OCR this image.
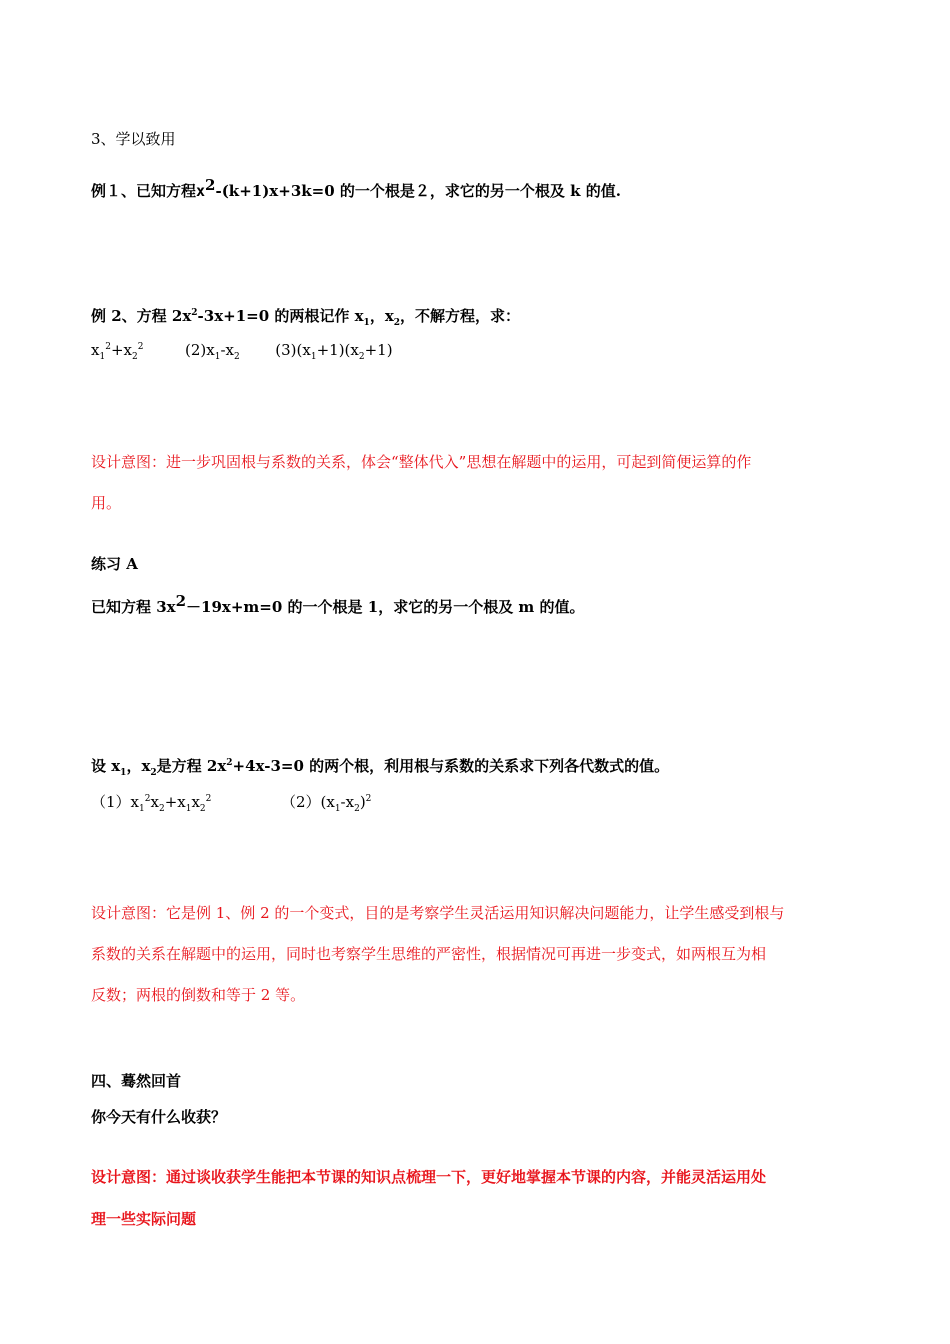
3、学以致用
例１、已知方程x2-(k+1)x+3k=0 的一个根是２，求它的另一个根及 k 的值.
例 2、方程 $2x^2-3x+1=0$ 的两根记作 $x_1$，$x_2$，不解方程，求：
$x_1^2+x_2^2$	$(2)x_1-x_2$ $(3)(x_1+1)(x_2+1)$
设计意图：进一步巩固根与系数的关系，体会“整体代入”思想在解题中的运用，可起到简便运算的作
用。
练习 A
已知方程 3x2－19x+m=0 的一个根是 1，求它的另一个根及 m 的值。
设 $x_1$，$x_2$是方程 $2x^2+4x-3=0$ 的两个根，利用根与系数的关系求下列各代数式的值。
$(1)x_1^2x_2+x_1x_2^2$	$(2)(x_1-x_2)^2$
设计意图：它是例 1、例 2 的一个变式，目的是考察学生灵活运用知识解决问题能力，让学生感受到根与
系数的关系在解题中的运用，同时也考察学生思维的严密性，根据情况可再进一步变式，如两根互为相
反数；两根的倒数和等于 2 等。
四、蓦然回首
你今天有什么收获？
设计意图：通过谈收获学生能把本节课的知识点梳理一下，更好地掌握本节课的内容，并能灵活运用处
理一些实际问题
